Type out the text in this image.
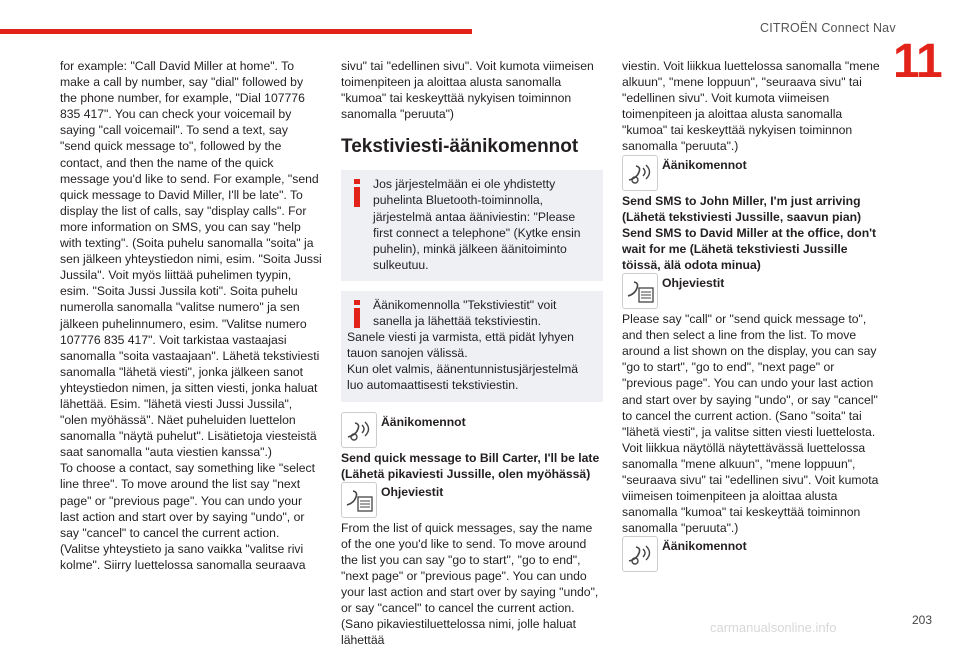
CITROËN Connect Nav
11

for example: "Call David Miller at home". To make a call by number, say "dial" followed by the phone number, for example, "Dial 107776 835 417". You can check your voicemail by saying "call voicemail". To send a text, say "send quick message to", followed by the contact, and then the name of the quick message you'd like to send. For example, "send quick message to David Miller, I'll be late". To display the list of calls, say "display calls". For more information on SMS, you can say "help with texting". (Soita puhelu sanomalla "soita" ja sen jälkeen yhteystiedon nimi, esim. "Soita Jussi Jussila". Voit myös liittää puhelimen tyypin, esim. "Soita Jussi Jussila koti". Soita puhelu numerolla sanomalla "valitse numero" ja sen jälkeen puhelinnumero, esim. "Valitse numero 107776 835 417". Voit tarkistaa vastaajasi sanomalla "soita vastaajaan". Lähetä tekstiviesti sanomalla "lähetä viesti", jonka jälkeen sanot yhteystiedon nimen, ja sitten viesti, jonka haluat lähettää. Esim. "lähetä viesti Jussi Jussila", "olen myöhässä". Näet puheluiden luettelon sanomalla "näytä puhelut". Lisätietoja viesteistä saat sanomalla "auta viestien kanssa".)

To choose a contact, say something like "select line three". To move around the list say "next page" or "previous page". You can undo your last action and start over by saying "undo", or say "cancel" to cancel the current action. (Valitse yhteystieto ja sano vaikka "valitse rivi kolme". Siirry luettelossa sanomalla seuraava

sivu" tai "edellinen sivu". Voit kumota viimeisen toimenpiteen ja aloittaa alusta sanomalla "kumoa" tai keskeyttää nykyisen toiminnon sanomalla "peruuta")

Tekstiviesti-äänikomennot

Jos järjestelmään ei ole yhdistetty puhelinta Bluetooth-toiminnolla, järjestelmä antaa ääniviestin: "Please first connect a telephone" (Kytke ensin puhelin), minkä jälkeen äänitoiminto sulkeutuu.

Äänikomennolla "Tekstiviestit" voit sanella ja lähettää tekstiviestin.

Sanele viesti ja varmista, että pidät lyhyen tauon sanojen välissä.

Kun olet valmis, äänentunnistusjärjestelmä luo automaattisesti tekstiviestin.

Äänikomennot

Send quick message to Bill Carter, I'll be late (Lähetä pikaviesti Jussille, olen myöhässä)

Ohjeviestit

From the list of quick messages, say the name of the one you'd like to send. To move around the list you can say "go to start", "go to end", "next page" or "previous page". You can undo your last action and start over by saying "undo", or say "cancel" to cancel the current action. (Sano pikaviestiluettelossa nimi, jolle haluat lähettää

viestin. Voit liikkua luettelossa sanomalla "mene alkuun", "mene loppuun", "seuraava sivu" tai "edellinen sivu". Voit kumota viimeisen toimenpiteen ja aloittaa alusta sanomalla "kumoa" tai keskeyttää nykyisen toiminnon sanomalla "peruuta".)

Äänikomennot

Send SMS to John Miller, I'm just arriving (Lähetä tekstiviesti Jussille, saavun pian) Send SMS to David Miller at the office, don't wait for me (Lähetä tekstiviesti Jussille töissä, älä odota minua)

Ohjeviestit

Please say "call" or "send quick message to", and then select a line from the list. To move around a list shown on the display, you can say "go to start", "go to end", "next page" or "previous page". You can undo your last action and start over by saying "undo", or say "cancel" to cancel the current action. (Sano "soita" tai "lähetä viesti", ja valitse sitten viesti luettelosta. Voit liikkua näytöllä näytettävässä luettelossa sanomalla "mene alkuun", "mene loppuun", "seuraava sivu" tai "edellinen sivu". Voit kumota viimeisen toimenpiteen ja aloittaa alusta sanomalla "kumoa" tai keskeyttää toiminnon sanomalla "peruuta".)

Äänikomennot
carmanualsonline.info	203
